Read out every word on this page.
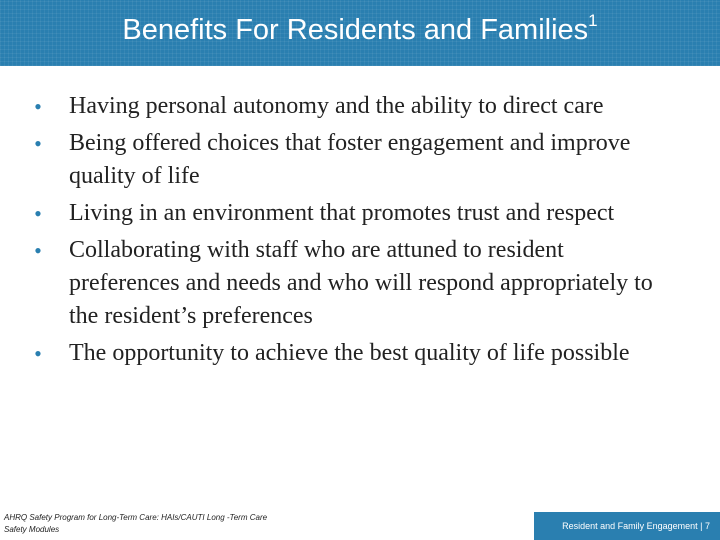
Benefits For Residents and Families$^1$
• Having personal autonomy and the ability to direct care
• Being offered choices that foster engagement and improve quality of life
• Living in an environment that promotes trust and respect
• Collaborating with staff who are attuned to resident preferences and needs and who will respond appropriately to the resident’s preferences
• The opportunity to achieve the best quality of life possible
AHRQ Safety Program for Long-Term Care: HAIs/CAUTI Long -Term Care Safety Modules	Resident and Family Engagement | 7
